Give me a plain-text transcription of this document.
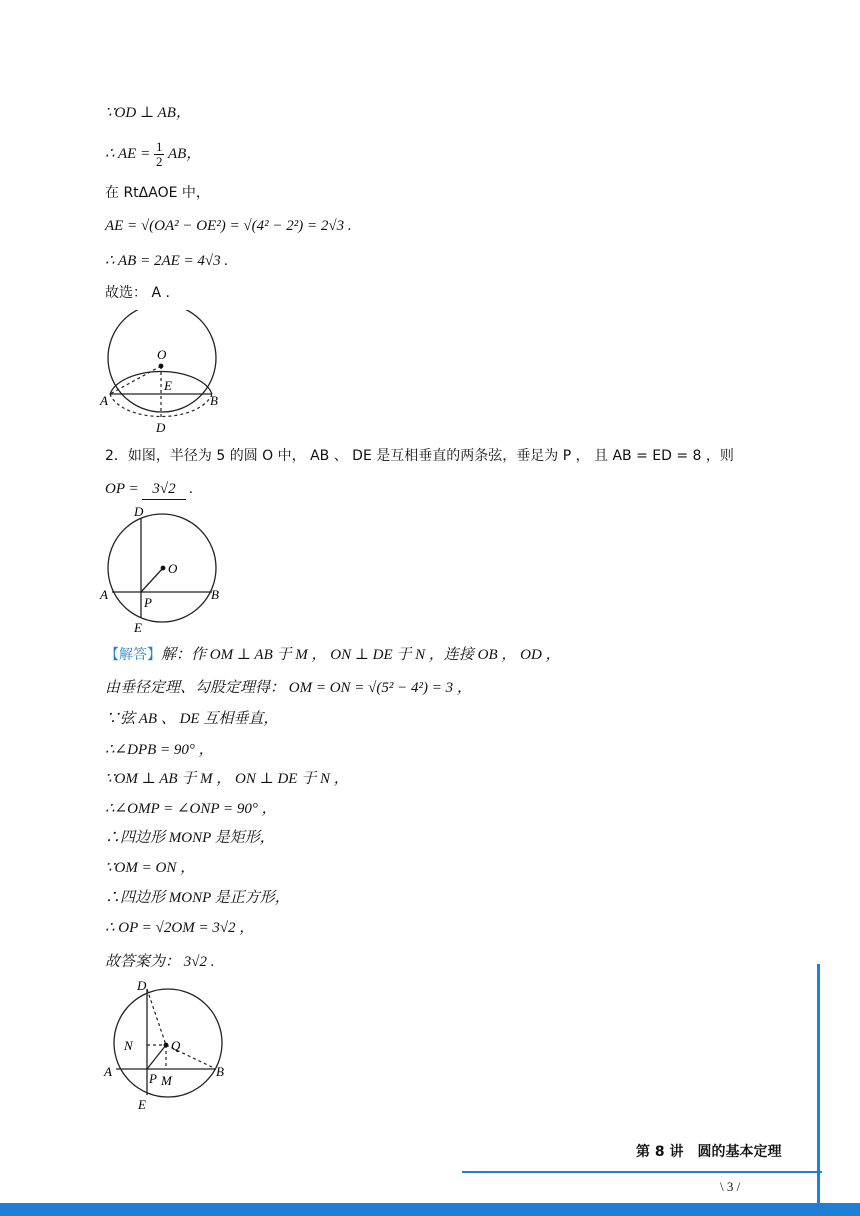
∵OD ⊥ AB，
∴ AE = $\frac{1}{2}$ AB，
在 RtΔAOE 中，
AE = √(OA² − OE²) = √(4² − 2²) = 2√3 .
∴ AB = 2AE = 4√3 .
故选： A .
O
E
A	B
D
2．如图，半径为 5 的圆 O 中， AB 、 DE 是互相垂直的两条弦，垂足为 P ， 且 AB = ED = 8 ，则
OP = 3√2 .
D
O
A
P
B
E
【解答】解：作 OM ⊥ AB 于 M ， ON ⊥ DE 于 N ，连接 OB ， OD ，
由垂径定理、勾股定理得： OM = ON = √(5² − 4²) = 3 ，
∵弦 AB 、 DE 互相垂直，
∴∠DPB = 90° ，
∵OM ⊥ AB 于 M ， ON ⊥ DE 于 N ，
∴∠OMP = ∠ONP = 90° ，
∴四边形 MONP 是矩形，
∵OM = ON ，
∴四边形 MONP 是正方形，
∴ OP = √2OM = 3√2 ，
故答案为： 3√2 .
D
N	Q
A	P M
B
E
第 8 讲　圆的基本定理
\ 3 /
